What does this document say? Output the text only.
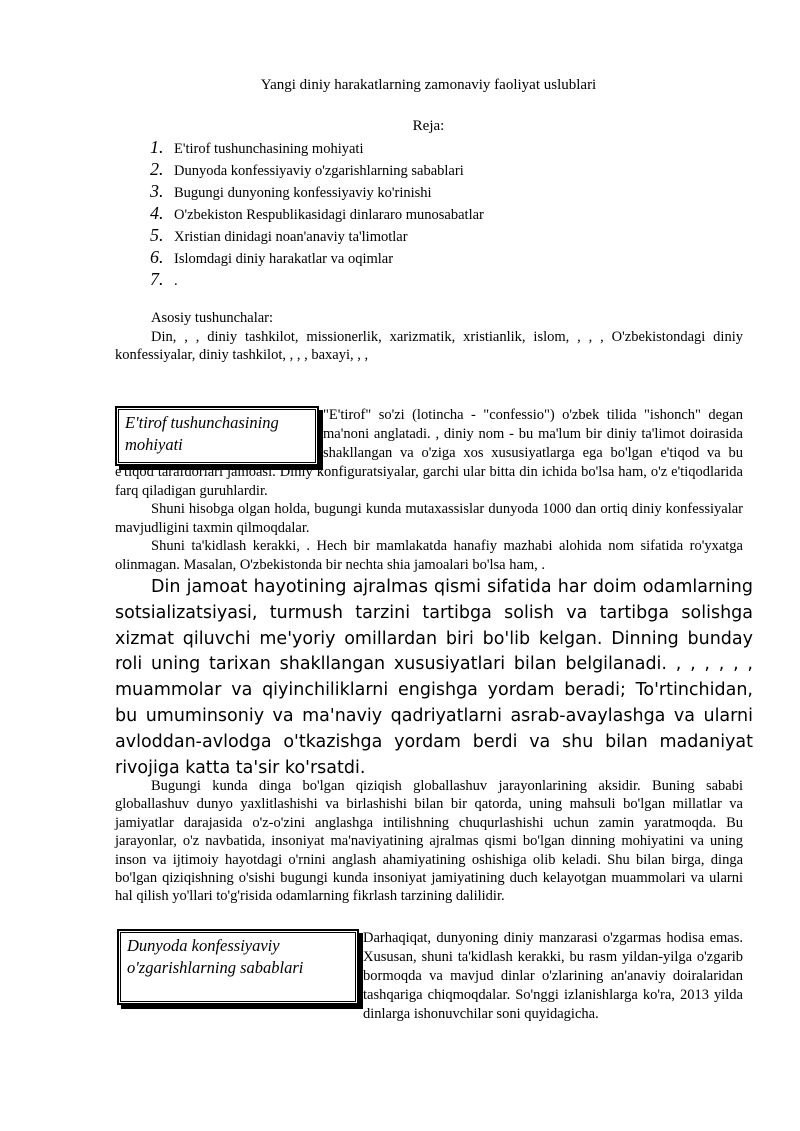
Yangi diniy harakatlarning zamonaviy faoliyat uslublari
Reja:
1. E'tirof tushunchasining mohiyati
2. Dunyoda konfessiyaviy o'zgarishlarning sabablari
3. Bugungi dunyoning konfessiyaviy ko'rinishi
4. O'zbekiston Respublikasidagi dinlararo munosabatlar
5. Xristian dinidagi noan'anaviy ta'limotlar
6. Islomdagi diniy harakatlar va oqimlar
7. .
Asosiy tushunchalar:

Din, , , diniy tashkilot, missionerlik, xarizmatik, xristianlik, islom, , , , O'zbekistondagi diniy konfessiyalar, diniy tashkilot, , , , baxayi, , ,

E'tirof tushunchasining mohiyati

"E'tirof" so'zi (lotincha - "confessio") o'zbek tilida "ishonch" degan ma'noni anglatadi. , diniy nom - bu ma'lum bir diniy ta'limot doirasida shakllangan va o'ziga xos xususiyatlarga ega bo'lgan e'tiqod va bu e'tiqod tarafdorlari jamoasi. Diniy konfiguratsiyalar, garchi ular bitta din ichida bo'lsa ham, o'z e'tiqodlarida farq qiladigan guruhlardir.

Shuni hisobga olgan holda, bugungi kunda mutaxassislar dunyoda 1000 dan ortiq diniy konfessiyalar mavjudligini taxmin qilmoqdalar.

Shuni ta'kidlash kerakki, . Hech bir mamlakatda hanafiy mazhabi alohida nom sifatida ro'yxatga olinmagan. Masalan, O'zbekistonda bir nechta shia jamoalari bo'lsa ham, .

Din jamoat hayotining ajralmas qismi sifatida har doim odamlarning sotsializatsiyasi, turmush tarzini tartibga solish va tartibga solishga xizmat qiluvchi me'yoriy omillardan biri bo'lib kelgan. Dinning bunday roli uning tarixan shakllangan xususiyatlari bilan belgilanadi. , , , , , , muammolar va qiyinchiliklarni engishga yordam beradi; To'rtinchidan, bu umuminsoniy va ma'naviy qadriyatlarni asrab-avaylashga va ularni avloddan-avlodga o'tkazishga yordam berdi va shu bilan madaniyat rivojiga katta ta'sir ko'rsatdi.

Bugungi kunda dinga bo'lgan qiziqish globallashuv jarayonlarining aksidir. Buning sababi globallashuv dunyo yaxlitlashishi va birlashishi bilan bir qatorda, uning mahsuli bo'lgan millatlar va jamiyatlar darajasida o'z-o'zini anglashga intilishning chuqurlashishi uchun zamin yaratmoqda. Bu jarayonlar, o'z navbatida, insoniyat ma'naviyatining ajralmas qismi bo'lgan dinning mohiyatini va uning inson va ijtimoiy hayotdagi o'rnini anglash ahamiyatining oshishiga olib keladi. Shu bilan birga, dinga bo'lgan qiziqishning o'sishi bugungi kunda insoniyat jamiyatining duch kelayotgan muammolari va ularni hal qilish yo'llari to'g'risida odamlarning fikrlash tarzining dalilidir.

Dunyoda konfessiyaviy o'zgarishlarning sabablari

Darhaqiqat, dunyoning diniy manzarasi o'zgarmas hodisa emas. Xususan, shuni ta'kidlash kerakki, bu rasm yildan-yilga o'zgarib bormoqda va mavjud dinlar o'zlarining an'anaviy doiralaridan tashqariga chiqmoqdalar. So'nggi izlanishlarga ko'ra, 2013 yilda dinlarga ishonuvchilar soni quyidagicha.
